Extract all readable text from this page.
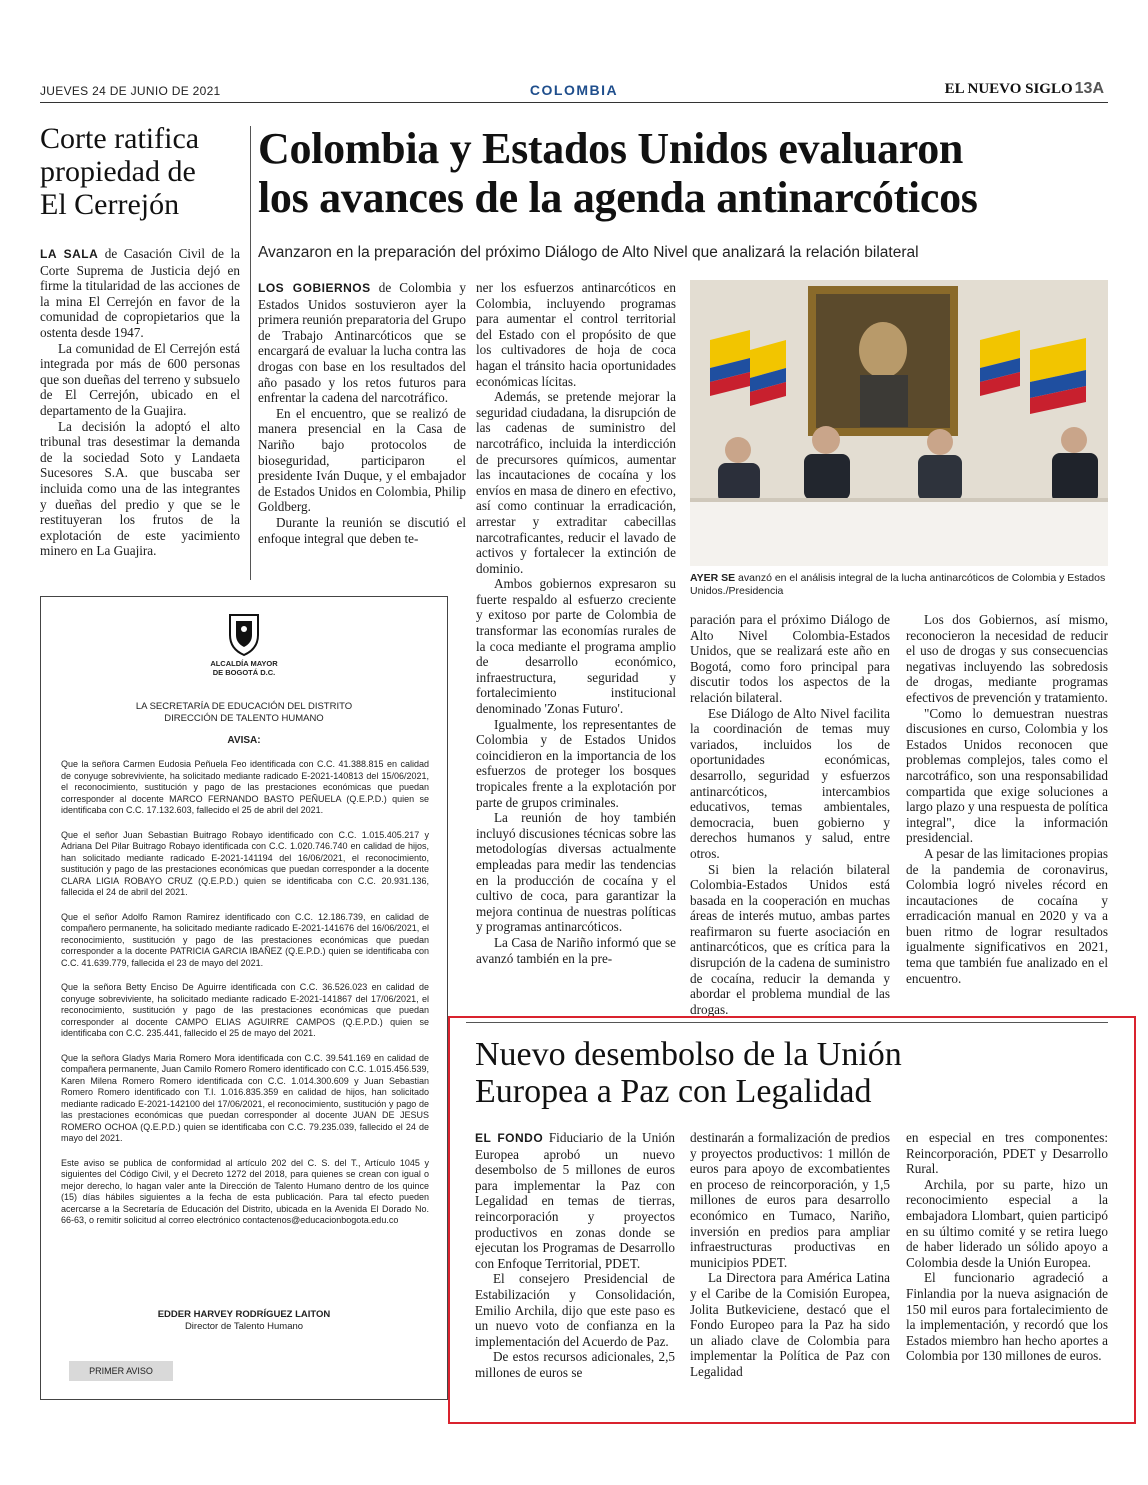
JUEVES 24 DE JUNIO DE 2021	COLOMBIA	EL NUEVO SIGLO 13A
Corte ratifica
propiedad de
El Cerrejón

LA SALA de Casación Civil de la Corte Suprema de Justicia dejó en firme la titularidad de las acciones de la mina El Cerrejón en favor de la comunidad de copropietarios que la ostenta desde 1947.

La comunidad de El Cerrejón está integrada por más de 600 personas que son dueñas del terreno y subsuelo de El Cerrejón, ubicado en el departamento de la Guajira.

La decisión la adoptó el alto tribunal tras desestimar la demanda de la sociedad Soto y Landaeta Sucesores S.A. que buscaba ser incluida como una de las integrantes y dueñas del predio y que se le restituyeran los frutos de la explotación de este yacimiento minero en La Guajira.

Colombia y Estados Unidos evaluaron
los avances de la agenda antinarcóticos
Avanzaron en la preparación del próximo Diálogo de Alto Nivel que analizará la relación bilateral

LOS GOBIERNOS de Colombia y Estados Unidos sostuvieron ayer la primera reunión preparatoria del Grupo de Trabajo Antinarcóticos que se encargará de evaluar la lucha contra las drogas con base en los resultados del año pasado y los retos futuros para enfrentar la cadena del narcotráfico.

En el encuentro, que se realizó de manera presencial en la Casa de Nariño bajo protocolos de bioseguridad, participaron el presidente Iván Duque, y el embajador de Estados Unidos en Colombia, Philip Goldberg.

Durante la reunión se discutió el enfoque integral que deben te-

ner los esfuerzos antinarcóticos en Colombia, incluyendo programas para aumentar el control territorial del Estado con el propósito de que los cultivadores de hoja de coca hagan el tránsito hacia oportunidades económicas lícitas.

Además, se pretende mejorar la seguridad ciudadana, la disrupción de las cadenas de suministro del narcotráfico, incluida la interdicción de precursores químicos, aumentar las incautaciones de cocaína y los envíos en masa de dinero en efectivo, así como continuar la erradicación, arrestar y extraditar cabecillas narcotraficantes, reducir el lavado de activos y fortalecer la extinción de dominio.

Ambos gobiernos expresaron su fuerte respaldo al esfuerzo creciente y exitoso por parte de Colombia de transformar las economías rurales de la coca mediante el programa amplio de desarrollo económico, infraestructura, seguridad y fortalecimiento institucional denominado 'Zonas Futuro'.

Igualmente, los representantes de Colombia y de Estados Unidos coincidieron en la importancia de los esfuerzos de proteger los bosques tropicales frente a la explotación por parte de grupos criminales.

La reunión de hoy también incluyó discusiones técnicas sobre las metodologías diversas actualmente empleadas para medir las tendencias en la producción de cocaína y el cultivo de coca, para garantizar la mejora continua de nuestras políticas y programas antinarcóticos.

La Casa de Nariño informó que se avanzó también en la pre-

AYER SE avanzó en el análisis integral de la lucha antinarcóticos de Colombia y Estados Unidos./Presidencia

paración para el próximo Diálogo de Alto Nivel Colombia-Estados Unidos, que se realizará este año en Bogotá, como foro principal para discutir todos los aspectos de la relación bilateral.

Ese Diálogo de Alto Nivel facilita la coordinación de temas muy variados, incluidos los de oportunidades económicas, desarrollo, seguridad y esfuerzos antinarcóticos, intercambios educativos, temas ambientales, democracia, buen gobierno y derechos humanos y salud, entre otros.

Si bien la relación bilateral Colombia-Estados Unidos está basada en la cooperación en muchas áreas de interés mutuo, ambas partes reafirmaron su fuerte asociación en antinarcóticos, que es crítica para la disrupción de la cadena de suministro de cocaína, reducir la demanda y abordar el problema mundial de las drogas.

Los dos Gobiernos, así mismo, reconocieron la necesidad de reducir el uso de drogas y sus consecuencias negativas incluyendo las sobredosis de drogas, mediante programas efectivos de prevención y tratamiento.

"Como lo demuestran nuestras discusiones en curso, Colombia y los Estados Unidos reconocen que problemas complejos, tales como el narcotráfico, son una responsabilidad compartida que exige soluciones a largo plazo y una respuesta de política integral", dice la información presidencial.

A pesar de las limitaciones propias de la pandemia de coronavirus, Colombia logró niveles récord en incautaciones de cocaína y erradicación manual en 2020 y va a buen ritmo de lograr resultados igualmente significativos en 2021, tema que también fue analizado en el encuentro.

ALCALDÍA MAYOR
DE BOGOTÁ D.C.
LA SECRETARÍA DE EDUCACIÓN DEL DISTRITO
DIRECCIÓN DE TALENTO HUMANO
AVISA:

Que la señora Carmen Eudosia Peñuela Feo identificada con C.C. 41.388.815 en calidad de conyuge sobreviviente, ha solicitado mediante radicado E-2021-140813 del 15/06/2021, el reconocimiento, sustitución y pago de las prestaciones económicas que puedan corresponder al docente MARCO FERNANDO BASTO PEÑUELA (Q.E.P.D.) quien se identificaba con C.C. 17.132.603, fallecido el 25 de abril del 2021.

Que el señor Juan Sebastian Buitrago Robayo identificado con C.C. 1.015.405.217 y Adriana Del Pilar Buitrago Robayo identificada con C.C. 1.020.746.740 en calidad de hijos, han solicitado mediante radicado E-2021-141194 del 16/06/2021, el reconocimiento, sustitución y pago de las prestaciones económicas que puedan corresponder a la docente CLARA LIGIA ROBAYO CRUZ (Q.E.P.D.) quien se identificaba con C.C. 20.931.136, fallecida el 24 de abril del 2021.

Que el señor Adolfo Ramon Ramirez identificado con C.C. 12.186.739, en calidad de compañero permanente, ha solicitado mediante radicado E-2021-141676 del 16/06/2021, el reconocimiento, sustitución y pago de las prestaciones económicas que puedan corresponder a la docente PATRICIA GARCIA IBAÑEZ (Q.E.P.D.) quien se identificaba con C.C. 41.639.779, fallecida el 23 de mayo del 2021.

Que la señora Betty Enciso De Aguirre identificada con C.C. 36.526.023 en calidad de conyuge sobreviviente, ha solicitado mediante radicado E-2021-141867 del 17/06/2021, el reconocimiento, sustitución y pago de las prestaciones económicas que puedan corresponder al docente CAMPO ELIAS AGUIRRE CAMPOS (Q.E.P.D.) quien se identificaba con C.C. 235.441, fallecido el 25 de mayo del 2021.

Que la señora Gladys Maria Romero Mora identificada con C.C. 39.541.169 en calidad de compañera permanente, Juan Camilo Romero Romero identificado con C.C. 1.015.456.539, Karen Milena Romero Romero identificada con C.C. 1.014.300.609 y Juan Sebastian Romero Romero identificado con T.I. 1.016.835.359 en calidad de hijos, han solicitado mediante radicado E-2021-142100 del 17/06/2021, el reconocimiento, sustitución y pago de las prestaciones económicas que puedan corresponder al docente JUAN DE JESUS ROMERO OCHOA (Q.E.P.D.) quien se identificaba con C.C. 79.235.039, fallecido el 24 de mayo del 2021.

Este aviso se publica de conformidad al artículo 202 del C. S. del T., Artículo 1045 y siguientes del Código Civil, y el Decreto 1272 del 2018, para quienes se crean con igual o mejor derecho, lo hagan valer ante la Dirección de Talento Humano dentro de los quince (15) días hábiles siguientes a la fecha de esta publicación. Para tal efecto pueden acercarse a la Secretaría de Educación del Distrito, ubicada en la Avenida El Dorado No. 66-63, o remitir solicitud al correo electrónico contactenos@educacionbogota.edu.co

EDDER HARVEY RODRÍGUEZ LAITON
Director de Talento Humano
PRIMER AVISO
Nuevo desembolso de la Unión
Europea a Paz con Legalidad

EL FONDO Fiduciario de la Unión Europea aprobó un nuevo desembolso de 5 millones de euros para implementar la Paz con Legalidad en temas de tierras, reincorporación y proyectos productivos en zonas donde se ejecutan los Programas de Desarrollo con Enfoque Territorial, PDET.

El consejero Presidencial de Estabilización y Consolidación, Emilio Archila, dijo que este paso es un nuevo voto de confianza en la implementación del Acuerdo de Paz.

De estos recursos adicionales, 2,5 millones de euros se

destinarán a formalización de predios y proyectos productivos: 1 millón de euros para apoyo de excombatientes en proceso de reincorporación, y 1,5 millones de euros para desarrollo económico en Tumaco, Nariño, inversión en predios para ampliar infraestructuras productivas en municipios PDET.

La Directora para América Latina y el Caribe de la Comisión Europea, Jolita Butkeviciene, destacó que el Fondo Europeo para la Paz ha sido un aliado clave de Colombia para implementar la Política de Paz con Legalidad

en especial en tres componentes: Reincorporación, PDET y Desarrollo Rural.

Archila, por su parte, hizo un reconocimiento especial a la embajadora Llombart, quien participó en su último comité y se retira luego de haber liderado un sólido apoyo a Colombia desde la Unión Europea.

El funcionario agradeció a Finlandia por la nueva asignación de 150 mil euros para fortalecimiento de la implementación, y recordó que los Estados miembro han hecho aportes a Colombia por 130 millones de euros.
